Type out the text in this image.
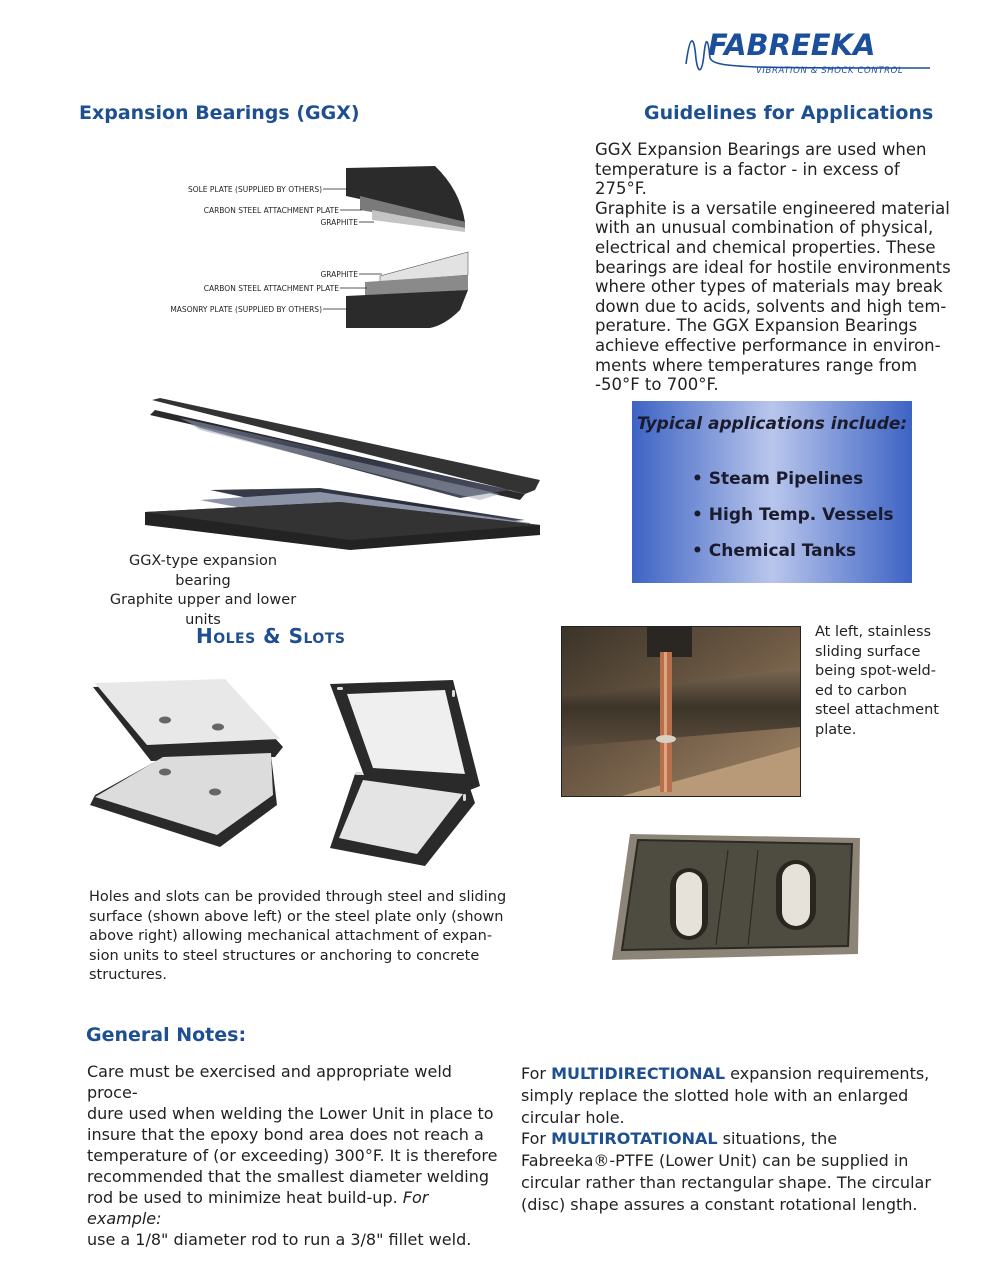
FABREEKA
VIBRATION & SHOCK CONTROL
Expansion Bearings (GGX)	Guidelines for Applications
SOLE PLATE (SUPPLIED BY OTHERS)
CARBON STEEL ATTACHMENT PLATE
GRAPHITE
GRAPHITE
CARBON STEEL ATTACHMENT PLATE
MASONRY PLATE (SUPPLIED BY OTHERS)
GGX Expansion Bearings are used when
temperature is a factor - in excess of 275°F.
Graphite is a versatile engineered material
with an unusual combination of physical,
electrical and chemical properties. These
bearings are ideal for hostile environments
where other types of materials may break
down due to acids, solvents and high tem-
perature. The GGX Expansion Bearings
achieve effective performance in environ-
ments where temperatures range from
-50°F to 700°F.
GGX-type expansion bearing
Graphite upper and lower units
Typical applications include:
• Steam Pipelines
• High Temp. Vessels
• Chemical Tanks
Holes & Slots
Holes and slots can be provided through steel and sliding
surface (shown above left) or the steel plate only (shown
above right) allowing mechanical attachment of expan-
sion units to steel structures or anchoring to concrete
structures.
At left, stainless
sliding surface
being spot-weld-
ed to carbon
steel attachment
plate.
General Notes:
Care must be exercised and appropriate weld proce-
dure used when welding the Lower Unit in place to
insure that the epoxy bond area does not reach a
temperature of (or exceeding) 300°F. It is therefore
recommended that the smallest diameter welding
rod be used to minimize heat build-up. For example:
use a 1/8" diameter rod to run a 3/8" fillet weld.
For MULTIDIRECTIONAL expansion requirements,
simply replace the slotted hole with an enlarged
circular hole.
For MULTIROTATIONAL situations, the
Fabreeka®-PTFE (Lower Unit) can be supplied in
circular rather than rectangular shape. The circular
(disc) shape assures a constant rotational length.
